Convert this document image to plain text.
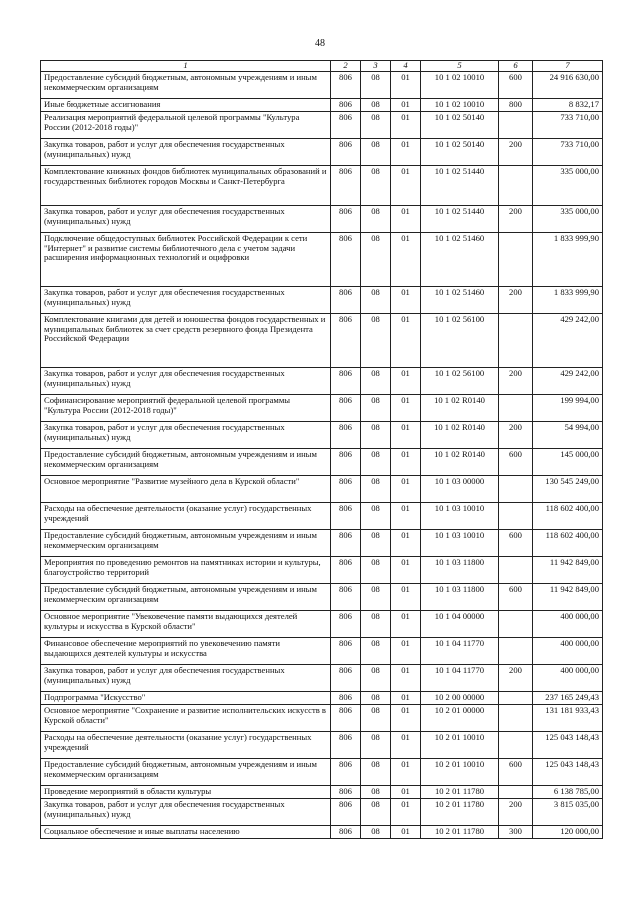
48
1	2	3	4	5	6	7
Предоставление субсидий бюджетным, автономным учреждениям и иным некоммерческим организациям	806	08	01	10 1 02 10010	600	24 916 630,00
Иные бюджетные ассигнования	806	08	01	10 1 02 10010	800	8 832,17
Реализация мероприятий федеральной целевой программы "Культура России (2012-2018 годы)"	806	08	01	10 1 02 50140		733 710,00
Закупка товаров, работ и услуг для обеспечения государственных (муниципальных) нужд	806	08	01	10 1 02 50140	200	733 710,00
Комплектование книжных фондов библиотек муниципальных образований и государственных библиотек городов Москвы и Санкт-Петербурга	806	08	01	10 1 02 51440		335 000,00
Закупка товаров, работ и услуг для обеспечения государственных (муниципальных) нужд	806	08	01	10 1 02 51440	200	335 000,00
Подключение общедоступных библиотек Российской Федерации к сети "Интернет" и развитие системы библиотечного дела с учетом задачи расширения информационных технологий и оцифровки	806	08	01	10 1 02 51460		1 833 999,90
Закупка товаров, работ и услуг для обеспечения государственных (муниципальных) нужд	806	08	01	10 1 02 51460	200	1 833 999,90
Комплектование книгами для детей и юношества фондов государственных и муниципальных библиотек за счет средств резервного фонда Президента Российской Федерации	806	08	01	10 1 02 56100		429 242,00
Закупка товаров, работ и услуг для обеспечения государственных (муниципальных) нужд	806	08	01	10 1 02 56100	200	429 242,00
Софинансирование мероприятий федеральной целевой программы "Культура России (2012-2018 годы)"	806	08	01	10 1 02 R0140		199 994,00
Закупка товаров, работ и услуг для обеспечения государственных (муниципальных) нужд	806	08	01	10 1 02 R0140	200	54 994,00
Предоставление субсидий бюджетным, автономным учреждениям и иным некоммерческим организациям	806	08	01	10 1 02 R0140	600	145 000,00
Основное мероприятие "Развитие музейного дела в Курской области"	806	08	01	10 1 03 00000		130 545 249,00
Расходы на обеспечение деятельности (оказание услуг) государственных учреждений	806	08	01	10 1 03 10010		118 602 400,00
Предоставление субсидий бюджетным, автономным учреждениям и иным некоммерческим организациям	806	08	01	10 1 03 10010	600	118 602 400,00
Мероприятия по проведению ремонтов на памятниках истории и культуры, благоустройство территорий	806	08	01	10 1 03 11800		11 942 849,00
Предоставление субсидий бюджетным, автономным учреждениям и иным некоммерческим организациям	806	08	01	10 1 03 11800	600	11 942 849,00
Основное мероприятие "Увековечение памяти выдающихся деятелей культуры и искусства в Курской области"	806	08	01	10 1 04 00000		400 000,00
Финансовое обеспечение мероприятий по увековечению памяти выдающихся деятелей культуры и искусства	806	08	01	10 1 04 11770		400 000,00
Закупка товаров, работ и услуг для обеспечения государственных (муниципальных) нужд	806	08	01	10 1 04 11770	200	400 000,00
Подпрограмма "Искусство"	806	08	01	10 2 00 00000		237 165 249,43
Основное мероприятие "Сохранение и развитие исполнительских искусств в Курской области"	806	08	01	10 2 01 00000		131 181 933,43
Расходы на обеспечение деятельности (оказание услуг) государственных учреждений	806	08	01	10 2 01 10010		125 043 148,43
Предоставление субсидий бюджетным, автономным учреждениям и иным некоммерческим организациям	806	08	01	10 2 01 10010	600	125 043 148,43
Проведение мероприятий в области культуры	806	08	01	10 2 01 11780		6 138 785,00
Закупка товаров, работ и услуг для обеспечения государственных (муниципальных) нужд	806	08	01	10 2 01 11780	200	3 815 035,00
Социальное обеспечение и иные выплаты населению	806	08	01	10 2 01 11780	300	120 000,00
